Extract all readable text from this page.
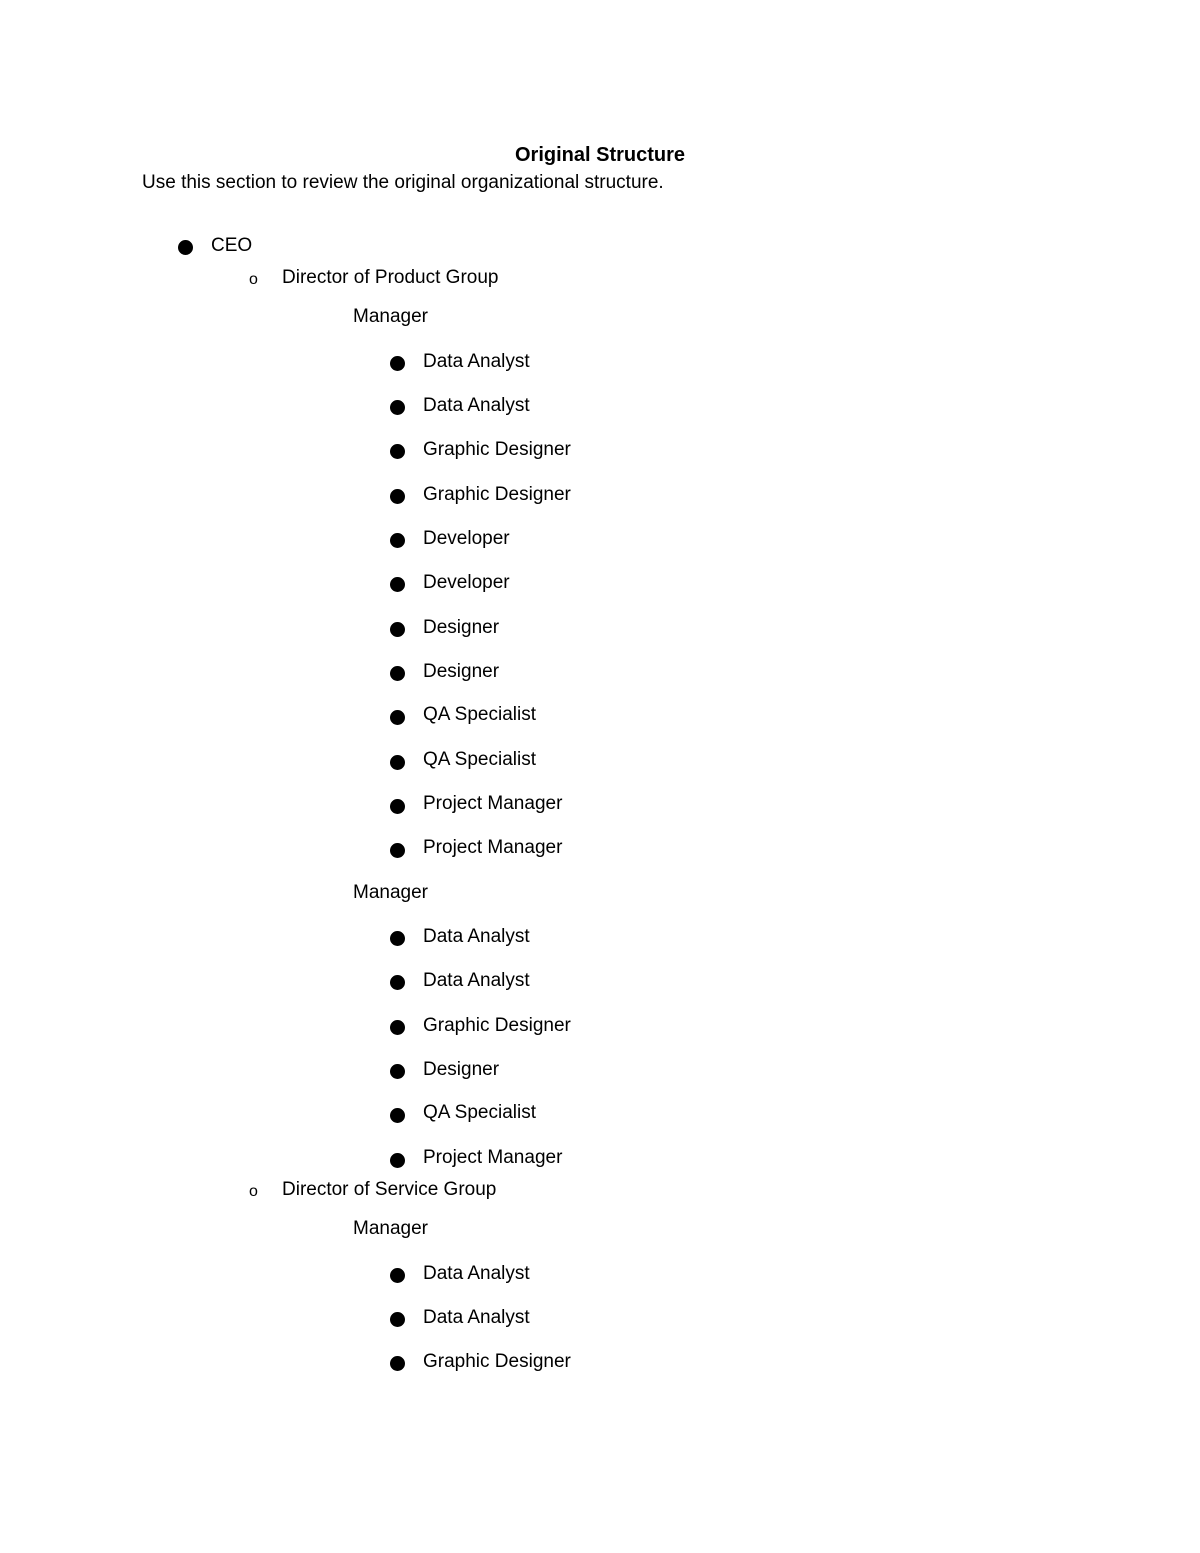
Original Structure
Use this section to review the original organizational structure.
CEO
o Director of Product Group
Manager
Data Analyst
Data Analyst
Graphic Designer
Graphic Designer
Developer
Developer
Designer
Designer
QA Specialist
QA Specialist
Project Manager
Project Manager
Manager
Data Analyst
Data Analyst
Graphic Designer
Designer
QA Specialist
Project Manager
o Director of Service Group
Manager
Data Analyst
Data Analyst
Graphic Designer
